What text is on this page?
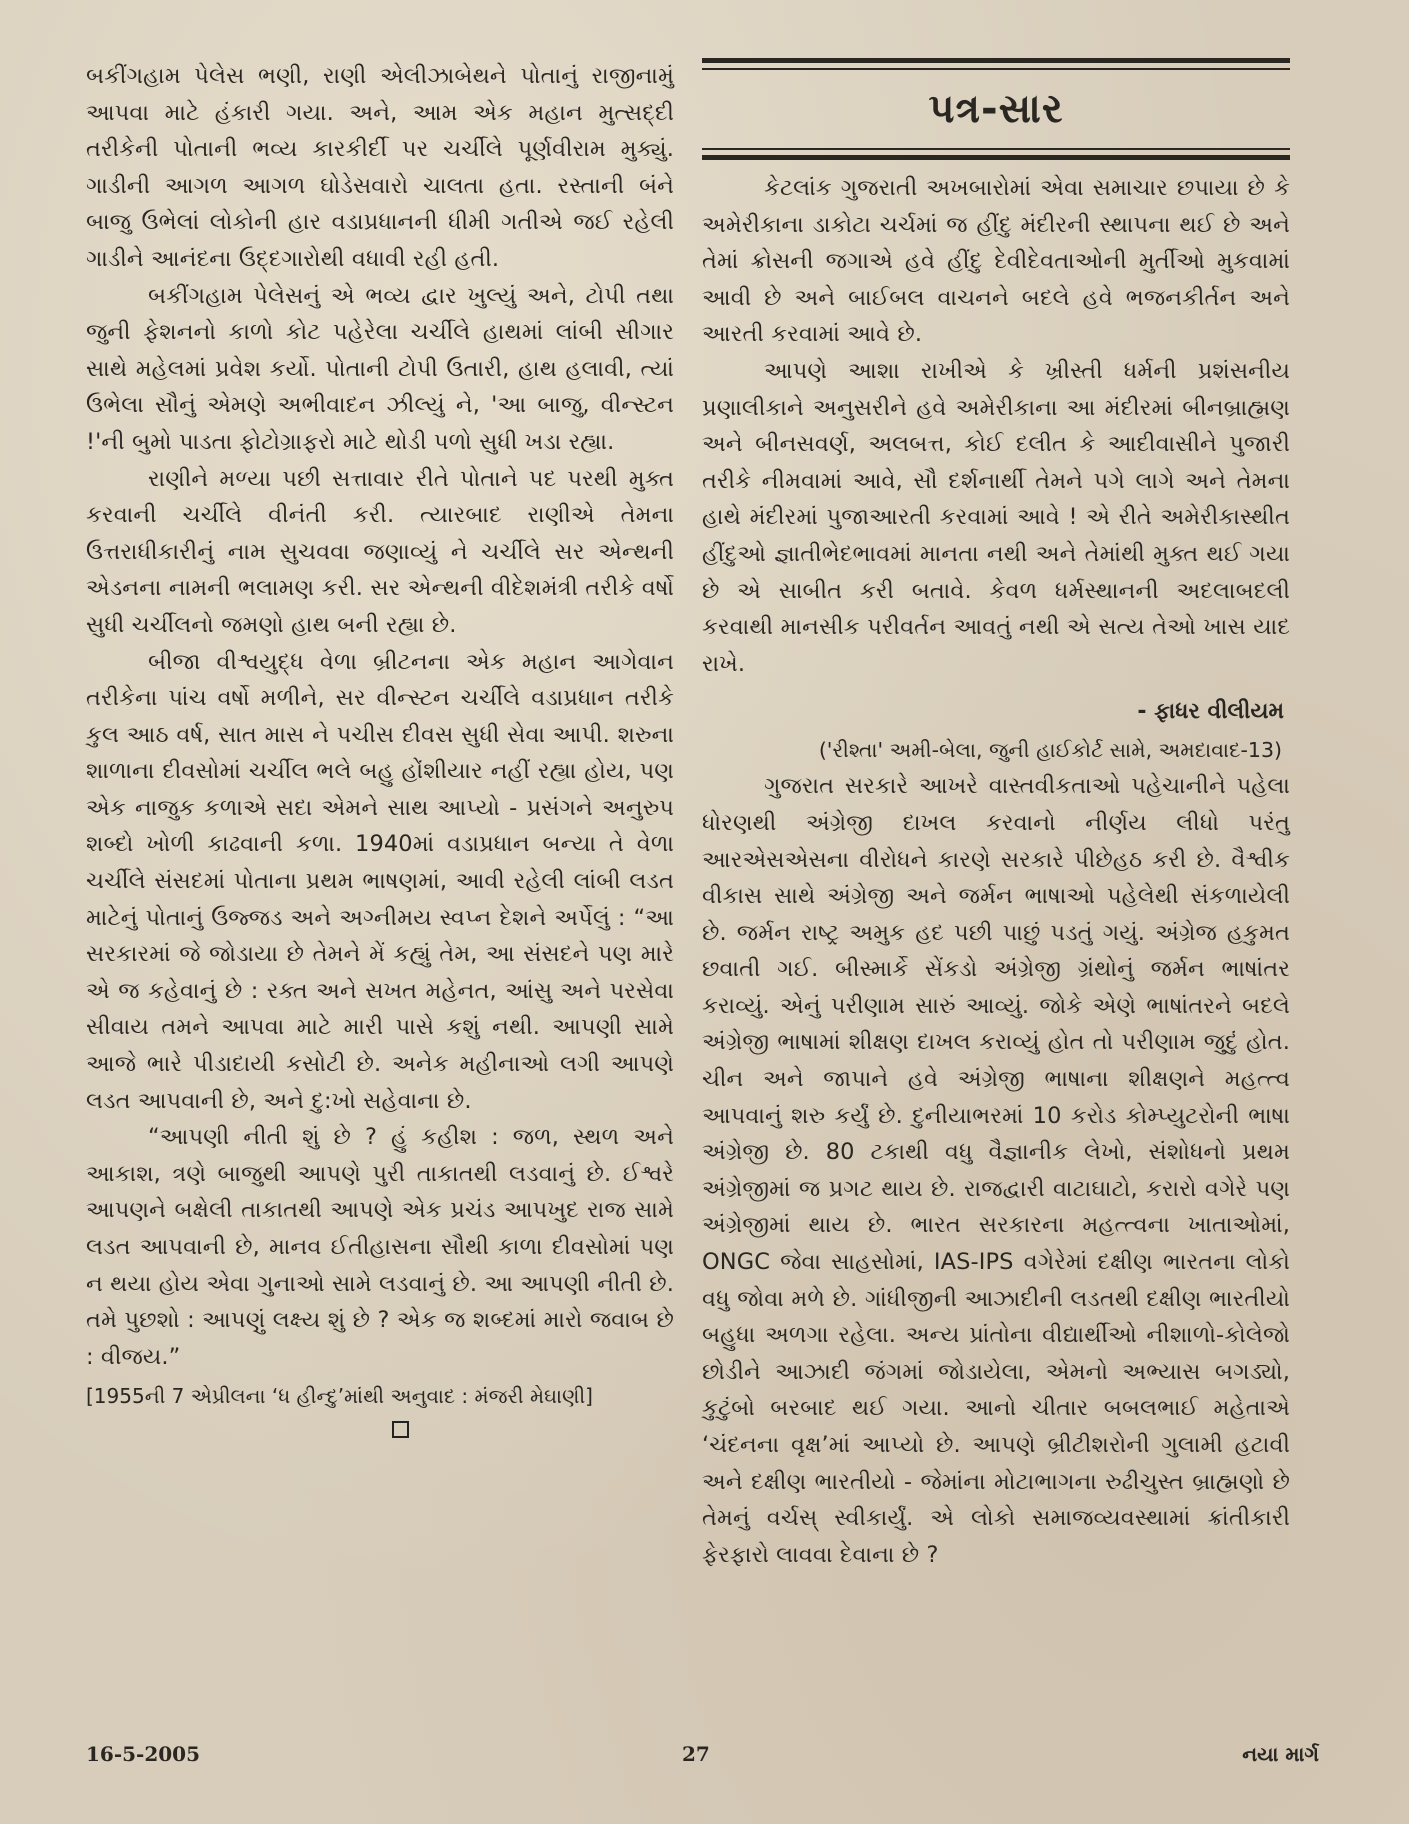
બકીંગહામ પેલેસ ભણી, રાણી એલીઝાબેથને પોતાનું રાજીનામું આપવા માટે હંકારી ગયા. અને, આમ એક મહાન મુત્સદ્દી તરીકેની પોતાની ભવ્ય કારકીર્દી પર ચર્ચીલે પૂર્ણવીરામ મુક્યું. ગાડીની આગળ આગળ ઘોડેસવારો ચાલતા હતા. રસ્તાની બંને બાજુ ઉભેલાં લોકોની હાર વડાપ્રધાનની ધીમી ગતીએ જઈ રહેલી ગાડીને આનંદના ઉદ્દગારોથી વધાવી રહી હતી.

બકીંગહામ પેલેસનું એ ભવ્ય દ્વાર ખુલ્યું અને, ટોપી તથા જુની ફેશનનો કાળો કોટ પહેરેલા ચર્ચીલે હાથમાં લાંબી સીગાર સાથે મહેલમાં પ્રવેશ કર્યો. પોતાની ટોપી ઉતારી, હાથ હલાવી, ત્યાં ઉભેલા સૌનું એમણે અભીવાદન ઝીલ્યું ને, 'આ બાજુ, વીન્સ્ટન !'ની બુમો પાડતા ફોટોગ્રાફરો માટે થોડી પળો સુધી ખડા રહ્યા.

રાણીને મળ્યા પછી સત્તાવાર રીતે પોતાને પદ પરથી મુક્ત કરવાની ચર્ચીલે વીનંતી કરી. ત્યારબાદ રાણીએ તેમના ઉત્તરાધીકારીનું નામ સુચવવા જણાવ્યું ને ચર્ચીલે સર એન્થની એડનના નામની ભલામણ કરી. સર એન્થની વીદેશમંત્રી તરીકે વર્ષો સુધી ચર્ચીલનો જમણો હાથ બની રહ્યા છે.

બીજા વીશ્વયુદ્ધ વેળા બ્રીટનના એક મહાન આગેવાન તરીકેના પાંચ વર્ષો મળીને, સર વીન્સ્ટન ચર્ચીલે વડાપ્રધાન તરીકે કુલ આઠ વર્ષ, સાત માસ ને પચીસ દીવસ સુધી સેવા આપી. શરુના શાળાના દીવસોમાં ચર્ચીલ ભલે બહુ હોંશીયાર નહીં રહ્યા હોય, પણ એક નાજુક કળાએ સદા એમને સાથ આપ્યો - પ્રસંગને અનુરુપ શબ્દો ખોળી કાઢવાની કળા. 1940માં વડાપ્રધાન બન્યા તે વેળા ચર્ચીલે સંસદમાં પોતાના પ્રથમ ભાષણમાં, આવી રહેલી લાંબી લડત માટેનું પોતાનું ઉજ્જડ અને અગ્નીમય સ્વપ્ન દેશને અર્પેલું : “આ સરકારમાં જે જોડાયા છે તેમને મેં કહ્યું તેમ, આ સંસદને પણ મારે એ જ કહેવાનું છે : રક્ત અને સખત મહેનત, આંસુ અને પરસેવા સીવાય તમને આપવા માટે મારી પાસે કશું નથી. આપણી સામે આજે ભારે પીડાદાયી કસોટી છે. અનેક મહીનાઓ લગી આપણે લડત આપવાની છે, અને દુ:ખો સહેવાના છે.

“આપણી નીતી શું છે ? હું કહીશ : જળ, સ્થળ અને આકાશ, ત્રણે બાજુથી આપણે પુરી તાકાતથી લડવાનું છે. ઈશ્વરે આપણને બક્ષેલી તાકાતથી આપણે એક પ્રચંડ આપખુદ રાજ સામે લડત આપવાની છે, માનવ ઈતીહાસના સૌથી કાળા દીવસોમાં પણ ન થયા હોય એવા ગુનાઓ સામે લડવાનું છે. આ આપણી નીતી છે. તમે પુછશો : આપણું લક્ષ્ય શું છે ? એક જ શબ્દમાં મારો જવાબ છે : વીજય.”

[1955ની 7 એપ્રીલના ‘ધ હીન્દુ’માંથી અનુવાદ : મંજરી મેઘાણી]
પત્ર-સાર

કેટલાંક ગુજરાતી અખબારોમાં એવા સમાચાર છપાયા છે કે અમેરીકાના ડાકોટા ચર્ચમાં જ હીંદુ મંદીરની સ્થાપના થઈ છે અને તેમાં ક્રોસની જગાએ હવે હીંદુ દેવીદેવતાઓની મુર્તીઓ મુકવામાં આવી છે અને બાઈબલ વાચનને બદલે હવે ભજનકીર્તન અને આરતી કરવામાં આવે છે.

આપણે આશા રાખીએ કે ખ્રીસ્તી ધર્મની પ્રશંસનીય પ્રણાલીકાને અનુસરીને હવે અમેરીકાના આ મંદીરમાં બીનબ્રાહ્મણ અને બીનસવર્ણ, અલબત્ત, કોઈ દલીત કે આદીવાસીને પુજારી તરીકે નીમવામાં આવે, સૌ દર્શનાર્થી તેમને પગે લાગે અને તેમના હાથે મંદીરમાં પુજાઆરતી કરવામાં આવે ! એ રીતે અમેરીકાસ્થીત હીંદુઓ જ્ઞાતીભેદભાવમાં માનતા નથી અને તેમાંથી મુક્ત થઈ ગયા છે એ સાબીત કરી બતાવે. કેવળ ધર્મસ્થાનની અદલાબદલી કરવાથી માનસીક પરીવર્તન આવતું નથી એ સત્ય તેઓ ખાસ યાદ રાખે.

- ફાધર વીલીયમ
('રીશ્તા' અમી-બેલા, જુની હાઈકોર્ટ સામે, અમદાવાદ-13)

ગુજરાત સરકારે આખરે વાસ્તવીકતાઓ પહેચાનીને પહેલા ધોરણથી અંગ્રેજી દાખલ કરવાનો નીર્ણય લીધો પરંતુ આરએસએસના વીરોધને કારણે સરકારે પીછેહઠ કરી છે. વૈશ્વીક વીકાસ સાથે અંગ્રેજી અને જર્મન ભાષાઓ પહેલેથી સંકળાયેલી છે. જર્મન રાષ્ટ્ર અમુક હદ પછી પાછું પડતું ગયું. અંગ્રેજ હકુમત છવાતી ગઈ. બીસ્માર્કે સેંકડો અંગ્રેજી ગ્રંથોનું જર્મન ભાષાંતર કરાવ્યું. એનું પરીણામ સારું આવ્યું. જોકે એણે ભાષાંતરને બદલે અંગ્રેજી ભાષામાં શીક્ષણ દાખલ કરાવ્યું હોત તો પરીણામ જુદું હોત. ચીન અને જાપાને હવે અંગ્રેજી ભાષાના શીક્ષણને મહત્ત્વ આપવાનું શરુ કર્યું છે. દુનીયાભરમાં 10 કરોડ કોમ્પ્યુટરોની ભાષા અંગ્રેજી છે. 80 ટકાથી વધુ વૈજ્ઞાનીક લેખો, સંશોધનો પ્રથમ અંગ્રેજીમાં જ પ્રગટ થાય છે. રાજદ્વારી વાટાઘાટો, કરારો વગેરે પણ અંગ્રેજીમાં થાય છે. ભારત સરકારના મહત્ત્વના ખાતાઓમાં, ONGC જેવા સાહસોમાં, IAS-IPS વગેરેમાં દક્ષીણ ભારતના લોકો વધુ જોવા મળે છે. ગાંધીજીની આઝાદીની લડતથી દક્ષીણ ભારતીયો બહુધા અળગા રહેલા. અન્ય પ્રાંતોના વીદ્યાર્થીઓ નીશાળો-કોલેજો છોડીને આઝાદી જંગમાં જોડાયેલા, એમનો અભ્યાસ બગડ્યો, કુટુંબો બરબાદ થઈ ગયા. આનો ચીતાર બબલભાઈ મહેતાએ ‘ચંદનના વૃક્ષ’માં આપ્યો છે. આપણે બ્રીટીશરોની ગુલામી હટાવી અને દક્ષીણ ભારતીયો - જેમાંના મોટાભાગના રુઢીચુસ્ત બ્રાહ્મણો છે તેમનું વર્ચસ્ સ્વીકાર્યું. એ લોકો સમાજવ્યવસ્થામાં ક્રાંતીકારી ફેરફારો લાવવા દેવાના છે ?

16-5-2005	27	નયા માર્ગ
